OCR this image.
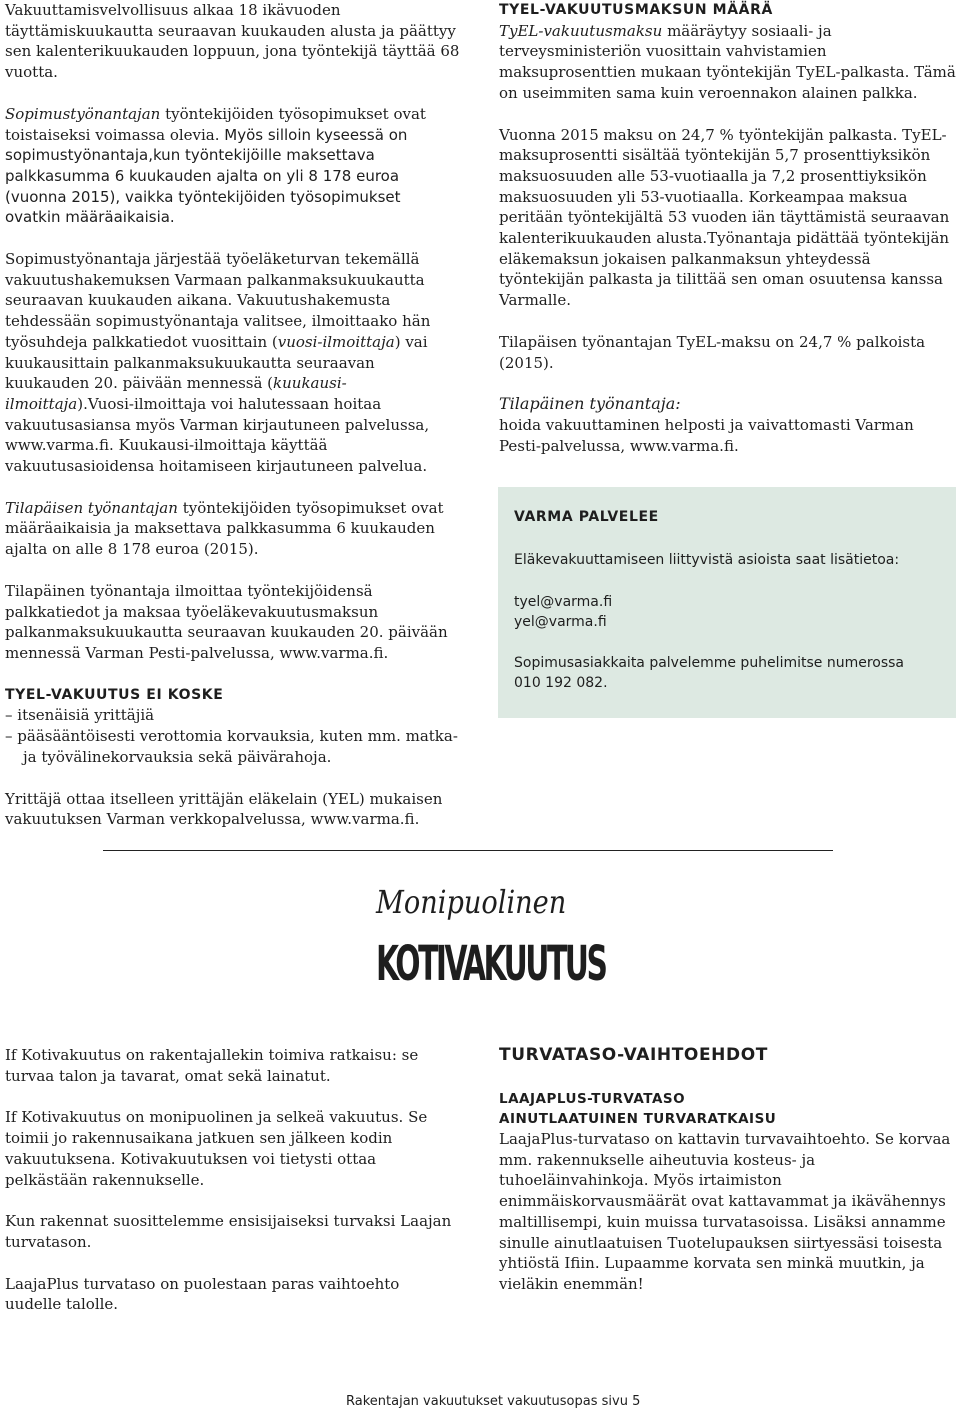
Vakuuttamisvelvollisuus alkaa 18 ikävuoden täyttämiskuukautta seuraavan kuukauden alusta ja päättyy sen kalenterikuukauden loppuun, jona työntekijä täyttää 68 vuotta.

Sopimustyönantajan työntekijöiden työsopimukset ovat toistaiseksi voimassa olevia. Myös silloin kyseessä on sopimustyönantaja,kun työntekijöille maksettava palkkasumma 6 kuukauden ajalta on yli 8 178 euroa (vuonna 2015), vaikka työntekijöiden työsopimukset ovatkin määräaikaisia.

Sopimustyönantaja järjestää työeläketurvan tekemällä vakuutushakemuksen Varmaan palkanmaksukuukautta seuraavan kuukauden aikana. Vakuutushakemusta tehdessään sopimustyönantaja valitsee, ilmoittaako hän työsuhdeja palkkatiedot vuosittain (vuosi-ilmoittaja) vai kuukausittain palkanmaksukuukautta seuraavan kuukauden 20. päivään mennessä (kuukausi-ilmoittaja).Vuosi-ilmoittaja voi halutessaan hoitaa vakuutusasiansa myös Varman kirjautuneen palvelussa, www.varma.fi. Kuukausi-ilmoittaja käyttää vakuutusasioidensa hoitamiseen kirjautuneen palvelua.

Tilapäisen työnantajan työntekijöiden työsopimukset ovat määräaikaisia ja maksettava palkkasumma 6 kuukauden ajalta on alle 8 178 euroa (2015).

Tilapäinen työnantaja ilmoittaa työntekijöidensä palkkatiedot ja maksaa työeläkevakuutusmaksun palkanmaksukuukautta seuraavan kuukauden 20. päivään mennessä Varman Pesti-palvelussa, www.varma.fi.

TYEL-VAKUUTUS EI KOSKE
– itsenäisiä yrittäjiä
– pääsääntöisesti verottomia korvauksia, kuten mm. matka- ja työvälinekorvauksia sekä päivärahoja.

Yrittäjä ottaa itselleen yrittäjän eläkelain (YEL) mukaisen vakuutuksen Varman verkkopalvelussa, www.varma.fi.

TYEL-VAKUUTUSMAKSUN MÄÄRÄ

TyEL-vakuutusmaksu määräytyy sosiaali- ja terveysministeriön vuosittain vahvistamien maksuprosenttien mukaan työntekijän TyEL-palkasta. Tämä on useimmiten sama kuin veroennakon alainen palkka.

Vuonna 2015 maksu on 24,7 % työntekijän palkasta. TyEL-maksuprosentti sisältää työntekijän 5,7 prosenttiyksikön maksuosuuden alle 53-vuotiaalla ja 7,2 prosenttiyksikön maksuosuuden yli 53-vuotiaalla. Korkeampaa maksua peritään työntekijältä 53 vuoden iän täyttämistä seuraavan kalenterikuukauden alusta.Työnantaja pidättää työntekijän eläkemaksun jokaisen palkanmaksun yhteydessä työntekijän palkasta ja tilittää sen oman osuutensa kanssa Varmalle.

Tilapäisen työnantajan TyEL-maksu on 24,7 % palkoista (2015).

Tilapäinen työnantaja:
hoida vakuuttaminen helposti ja vaivattomasti Varman Pesti-palvelussa, www.varma.fi.

VARMA PALVELEE

Eläkevakuuttamiseen liittyvistä asioista saat lisätietoa:

tyel@varma.fi

yel@varma.fi

Sopimusasiakkaita palvelemme puhelimitse numerossa

010 192 082.

Monipuolinen
KOTIVAKUUTUS

If Kotivakuutus on rakentajallekin toimiva ratkaisu: se turvaa talon ja tavarat, omat sekä lainatut.

If Kotivakuutus on monipuolinen ja selkeä vakuutus. Se toimii jo rakennusaikana jatkuen sen jälkeen kodin vakuutuksena. Kotivakuutuksen voi tietysti ottaa pelkästään rakennukselle.

Kun rakennat suosittelemme ensisijaiseksi turvaksi Laajan turvatason.

LaajaPlus turvataso on puolestaan paras vaihtoehto uudelle talolle.

TURVATASO-VAIHTOEHDOT
LAAJAPLUS-TURVATASO
AINUTLAATUINEN TURVARATKAISU

LaajaPlus-turvataso on kattavin turvavaihtoehto. Se korvaa mm. rakennukselle aiheutuvia kosteus- ja tuhoeläinvahinkoja. Myös irtaimiston enimmäiskorvausmäärät ovat kattavammat ja ikävähennys maltillisempi, kuin muissa turvatasoissa. Lisäksi annamme sinulle ainutlaatuisen Tuotelupauksen siirtyessäsi toisesta yhtiöstä Ifiin. Lupaamme korvata sen minkä muutkin, ja vieläkin enemmän!

Rakentajan vakuutukset vakuutusopas sivu 5
